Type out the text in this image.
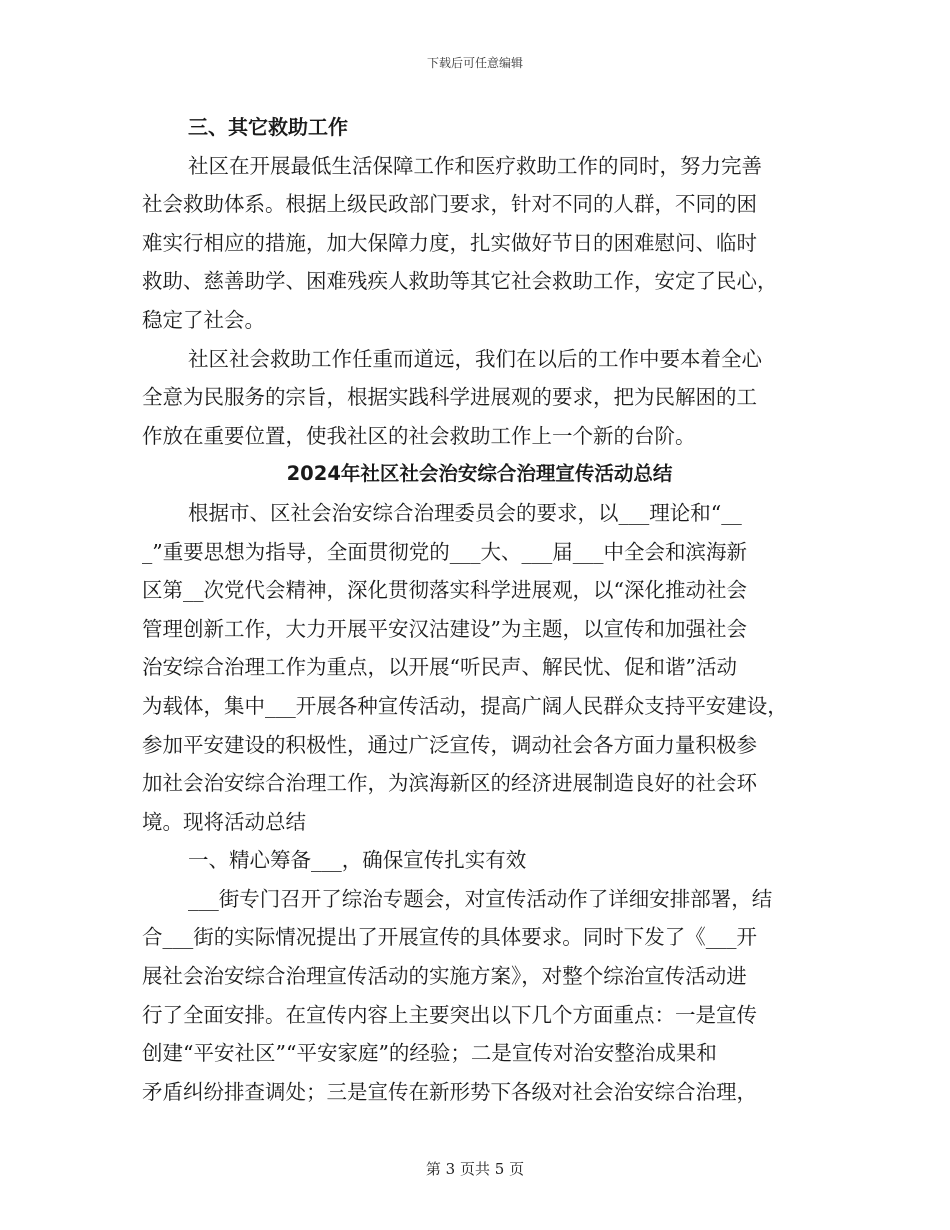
下载后可任意编辑
三、其它救助工作
社区在开展最低生活保障工作和医疗救助工作的同时，努力完善
社会救助体系。根据上级民政部门要求，针对不同的人群，不同的困
难实行相应的措施，加大保障力度，扎实做好节日的困难慰问、临时
救助、慈善助学、困难残疾人救助等其它社会救助工作，安定了民心，
稳定了社会。
社区社会救助工作任重而道远，我们在以后的工作中要本着全心
全意为民服务的宗旨，根据实践科学进展观的要求，把为民解困的工
作放在重要位置，使我社区的社会救助工作上一个新的台阶。
2024年社区社会治安综合治理宣传活动总结
根据市、区社会治安综合治理委员会的要求，以___理论和“__
_”重要思想为指导，全面贯彻党的___大、___届___中全会和滨海新
区第__次党代会精神，深化贯彻落实科学进展观，以“深化推动社会
管理创新工作，大力开展平安汉沽建设”为主题，以宣传和加强社会
治安综合治理工作为重点，以开展“听民声、解民忧、促和谐”活动
为载体，集中___开展各种宣传活动，提高广阔人民群众支持平安建设，
参加平安建设的积极性，通过广泛宣传，调动社会各方面力量积极参
加社会治安综合治理工作，为滨海新区的经济进展制造良好的社会环
境。现将活动总结
一、精心筹备___，确保宣传扎实有效
___街专门召开了综治专题会，对宣传活动作了详细安排部署，结
合___街的实际情况提出了开展宣传的具体要求。同时下发了《___开
展社会治安综合治理宣传活动的实施方案》，对整个综治宣传活动进
行了全面安排。在宣传内容上主要突出以下几个方面重点：一是宣传
创建“平安社区”“平安家庭”的经验；二是宣传对治安整治成果和
矛盾纠纷排查调处；三是宣传在新形势下各级对社会治安综合治理，
第 3 页共 5 页
